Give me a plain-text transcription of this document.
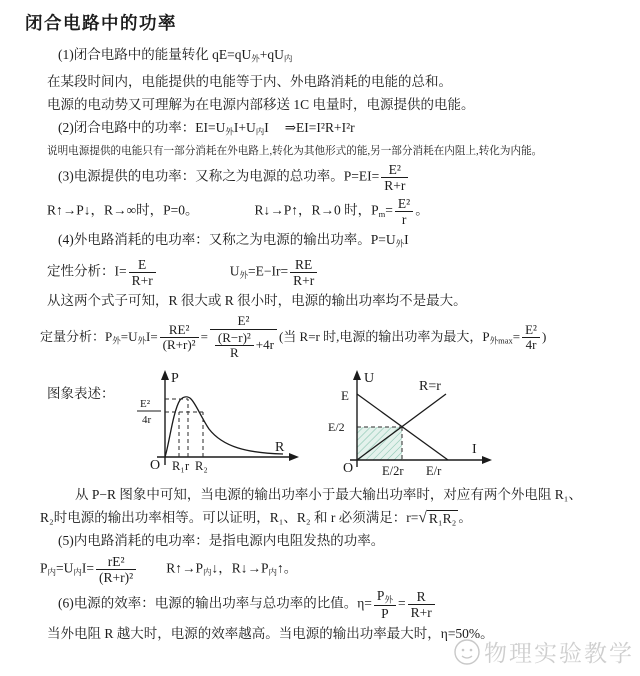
闭合电路中的功率
(1)闭合电路中的能量转化 qE=qU外+qU内
在某段时间内，电能提供的电能等于内、外电路消耗的电能的总和。
电源的电动势又可理解为在电源内部移送 1C 电量时，电源提供的电能。
(2)闭合电路中的功率：EI=U外I+U内I ⇒EI=I²R+I²r
说明电源提供的电能只有一部分消耗在外电路上,转化为其他形式的能,另一部分消耗在内阻上,转化为内能。
(3)电源提供的电功率：又称之为电源的总功率。$P=EI= \frac{\text{E²}}{R+r}$
R↑→P↓，R→∞时，P=0。	R↓→P↑，R→0 时，$Pm= \frac{\text{E²}}{r}$ 。
(4)外电路消耗的电功率：又称之为电源的输出功率。P=U外I
定性分析：$I= \frac{E}{R+r}$	U外$=E-Ir= \frac{RE}{R+r}$
从这两个式子可知，R 很大或 R 很小时，电源的输出功率均不是最大。
定量分析：P外=U外$I= \frac{\text{RE²}}{\text{(R+r)²}} = \frac{\text{E²}}{\frac{\text{(R−r)²}}{R} +4r}$ (当 R=r 时,电源的输出功率为最大，P外$\max= \frac{\text{E²}}{4r}$ )
图象表述：
P
R
O
E²
4r
R₁ r R₂
U
I
O
E
E/2
R=r
E/2r E/r
从 P−R 图象中可知，当电源的输出功率小于最大输出功率时，对应有两个外电阻 R₁、
R₂时电源的输出功率相等。可以证明，R₁、R₂ 和 r 必须满足：r= √ R₁R₂ 。
(5)内电路消耗的电功率：是指电源内电阻发热的功率。
P内=U内$I= \frac{\text{rE²}}{\text{(R+r)²}}$ R↑→P内↓，R↓→P内↑。
(6)电源的效率：电源的输出功率与总功率的比值。$\eta= \frac{\text{P外}}{P} = \frac{R}{R+r}$
当外电阻 R 越大时，电源的效率越高。当电源的输出功率最大时，η=50%。
物理实验教学
